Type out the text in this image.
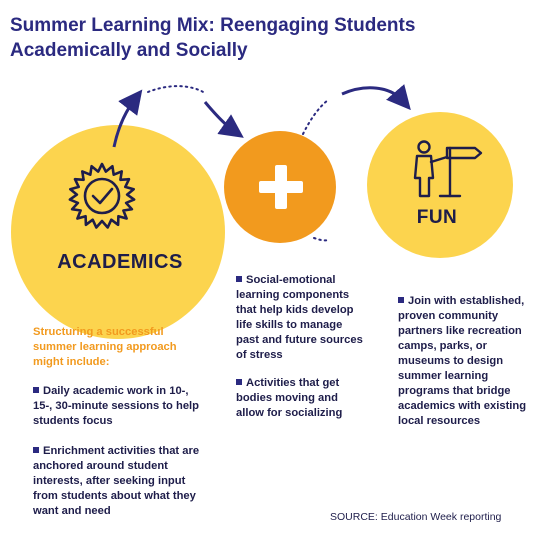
Summer Learning Mix: Reengaging Students Academically and Socially
ACADEMICS
FUN
Structuring a successful summer learning approach might include:
Daily academic work in 10-, 15-, 30-minute sessions to help students focus
Enrichment activities that are anchored around student interests, after seeking input from students about what they want and need
Social-emotional learning components that help kids develop life skills to manage past and future sources of stress
Activities that get bodies moving and allow for socializing
Join with established, proven community partners like recreation camps, parks, or museums to design summer learning programs that bridge academics with existing local resources
SOURCE: Education Week reporting
